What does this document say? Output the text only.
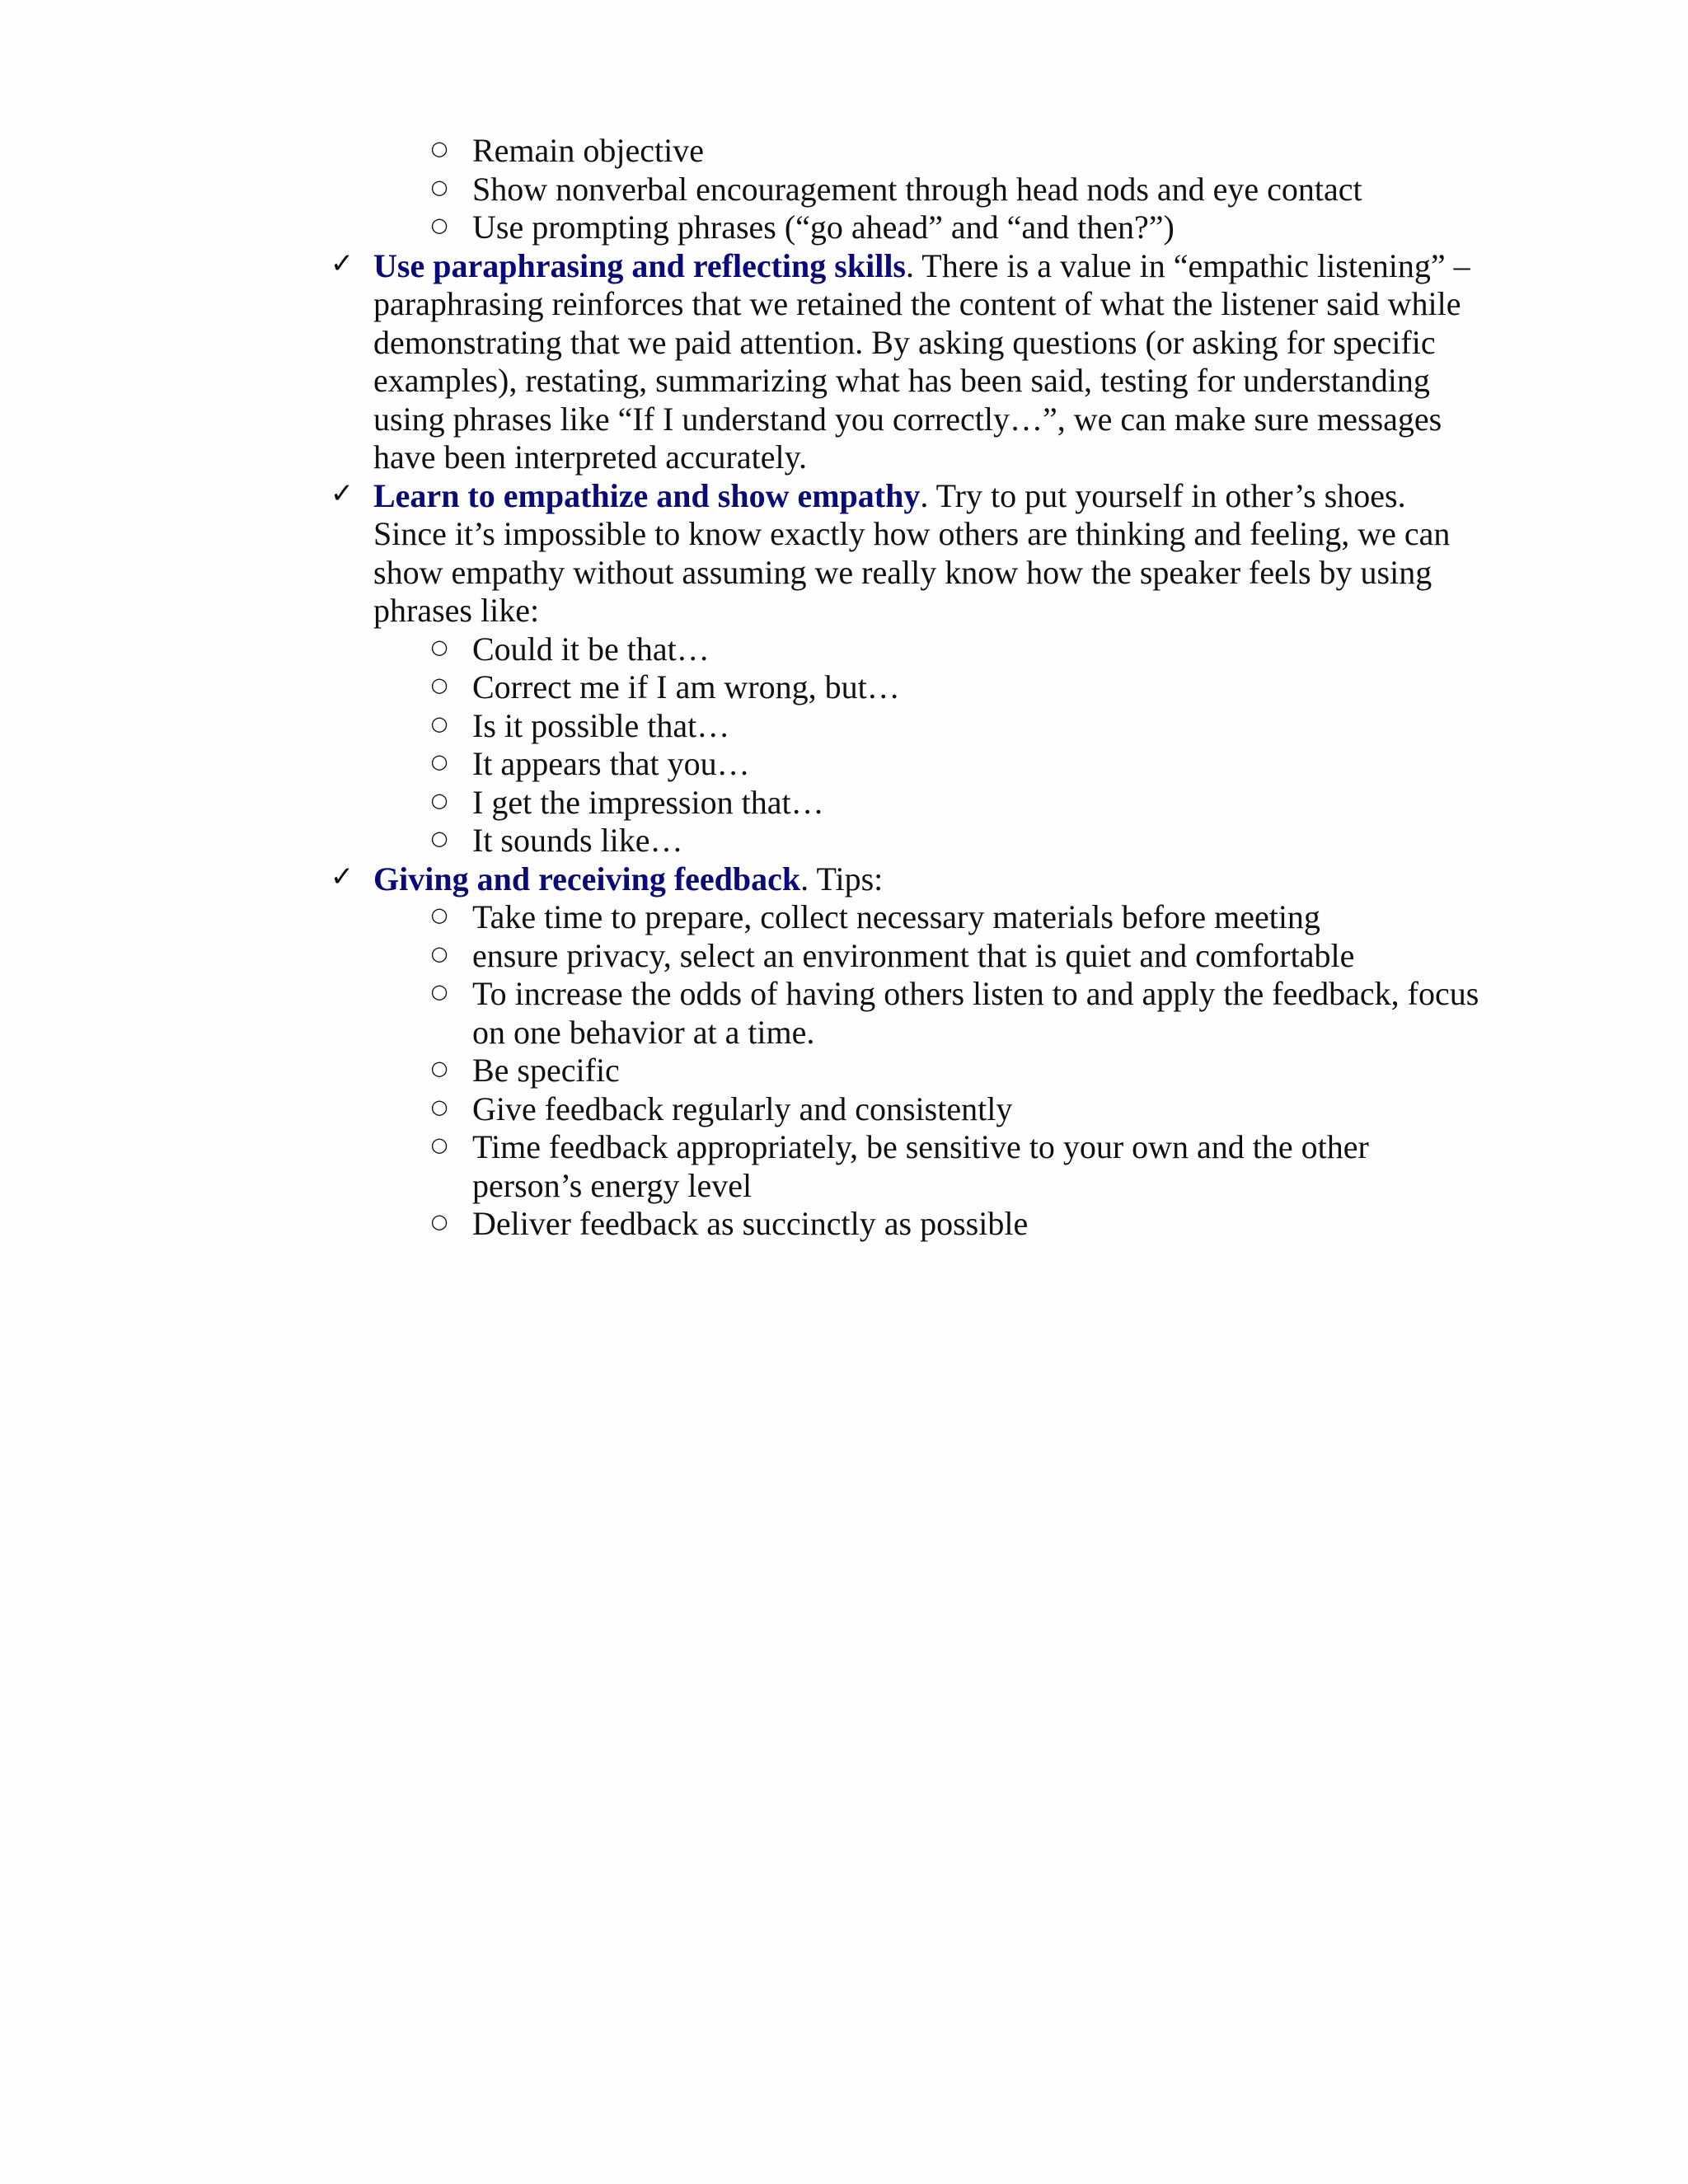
○ Remain objective
○ Show nonverbal encouragement through head nods and eye contact
○ Use prompting phrases (“go ahead” and “and then?”)
✓ Use paraphrasing and reflecting skills. There is a value in “empathic listening” –
paraphrasing reinforces that we retained the content of what the listener said while
demonstrating that we paid attention. By asking questions (or asking for specific
examples), restating, summarizing what has been said, testing for understanding
using phrases like “If I understand you correctly…”, we can make sure messages
have been interpreted accurately.
✓ Learn to empathize and show empathy. Try to put yourself in other’s shoes.
Since it’s impossible to know exactly how others are thinking and feeling, we can
show empathy without assuming we really know how the speaker feels by using
phrases like:
○ Could it be that…
○ Correct me if I am wrong, but…
○ Is it possible that…
○ It appears that you…
○ I get the impression that…
○ It sounds like…
✓ Giving and receiving feedback. Tips:
○ Take time to prepare, collect necessary materials before meeting
○ ensure privacy, select an environment that is quiet and comfortable
○ To increase the odds of having others listen to and apply the feedback, focus
on one behavior at a time.
○ Be specific
○ Give feedback regularly and consistently
○ Time feedback appropriately, be sensitive to your own and the other
person’s energy level
○ Deliver feedback as succinctly as possible
